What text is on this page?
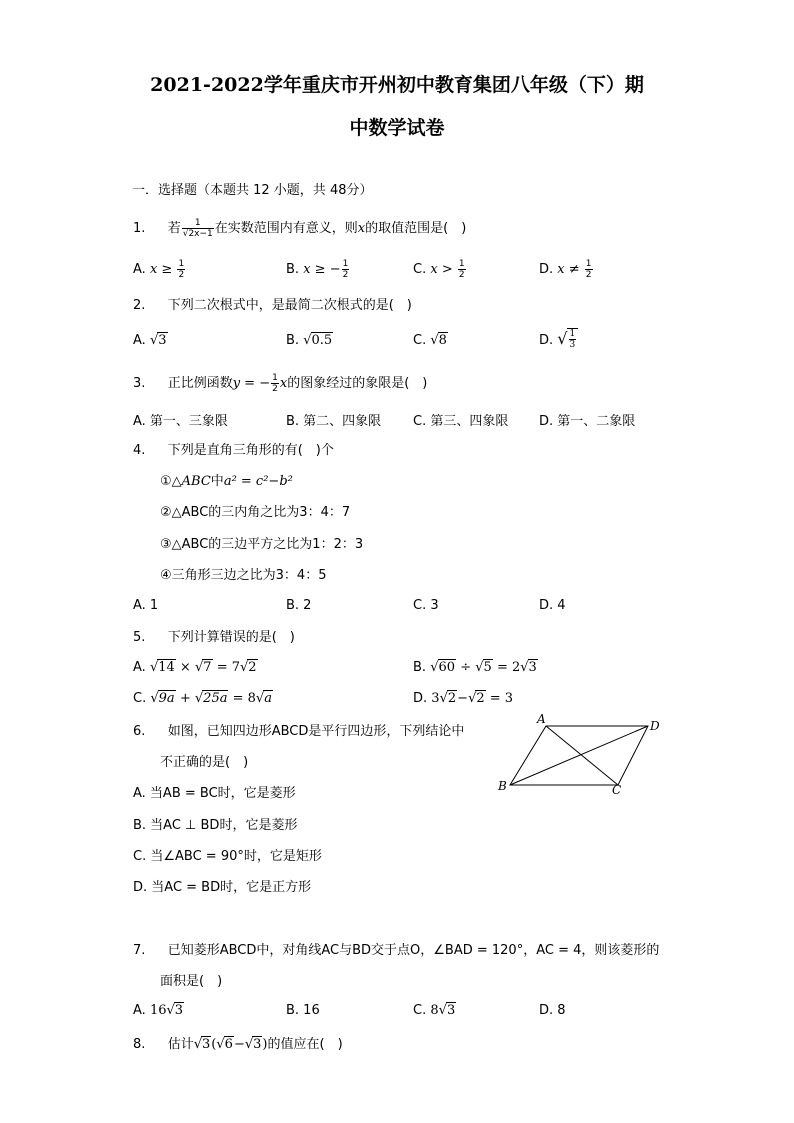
2021-2022学年重庆市开州初中教育集团八年级（下）期
中数学试卷
一．选择题（本题共 12 小题，共 48分）
1. 若 $\frac{1}{√2x-1}$ 在实数范围内有意义，则x的取值范围是(　)
A. $x \ge \frac{1}{2}$	B. x ≥ − $\frac{1}{2}$	C. $x > \frac{1}{2}$	D. $x \ne \frac{1}{2}$
2. 下列二次根式中，是最简二次根式的是(　)
A. √3	B. √0.5	C. √8	D. √ $\frac{1}{3}$
3. 正比例函数y = − $\frac{1}{2}$ x的图象经过的象限是(　)
A. 第一、三象限	B. 第二、四象限 C. 第三、四象限 D. 第一、二象限
4. 下列是直角三角形的有(　)个
①△ABC中a² = c²−b²
②△ABC的三内角之比为3：4：7
③△ABC的三边平方之比为1：2：3
④三角形三边之比为3：4：5
A. 1	B. 2	C. 3	D. 4
5. 下列计算错误的是(　)
A. √14 × √7 = 7√2	B. √60 ÷ √5 = 2√3
C. √9a + √25a = 8√a	D. 3√2−√2 = 3
6. 如图，已知四边形ABCD是平行四边形，下列结论中
不正确的是(　)
A. 当AB = BC时，它是菱形
B. 当AC ⊥ BD时，它是菱形
C. 当∠ABC = 90°时，它是矩形
D. 当AC = BD时，它是正方形
A	D
B	C
7. 已知菱形ABCD中，对角线AC与BD交于点O，∠BAD = 120°，AC = 4，则该菱形的
面积是(　)
A. 16√3	B. 16	C. 8√3	D. 8
8. 估计√3(√6−√3)的值应在(　)
